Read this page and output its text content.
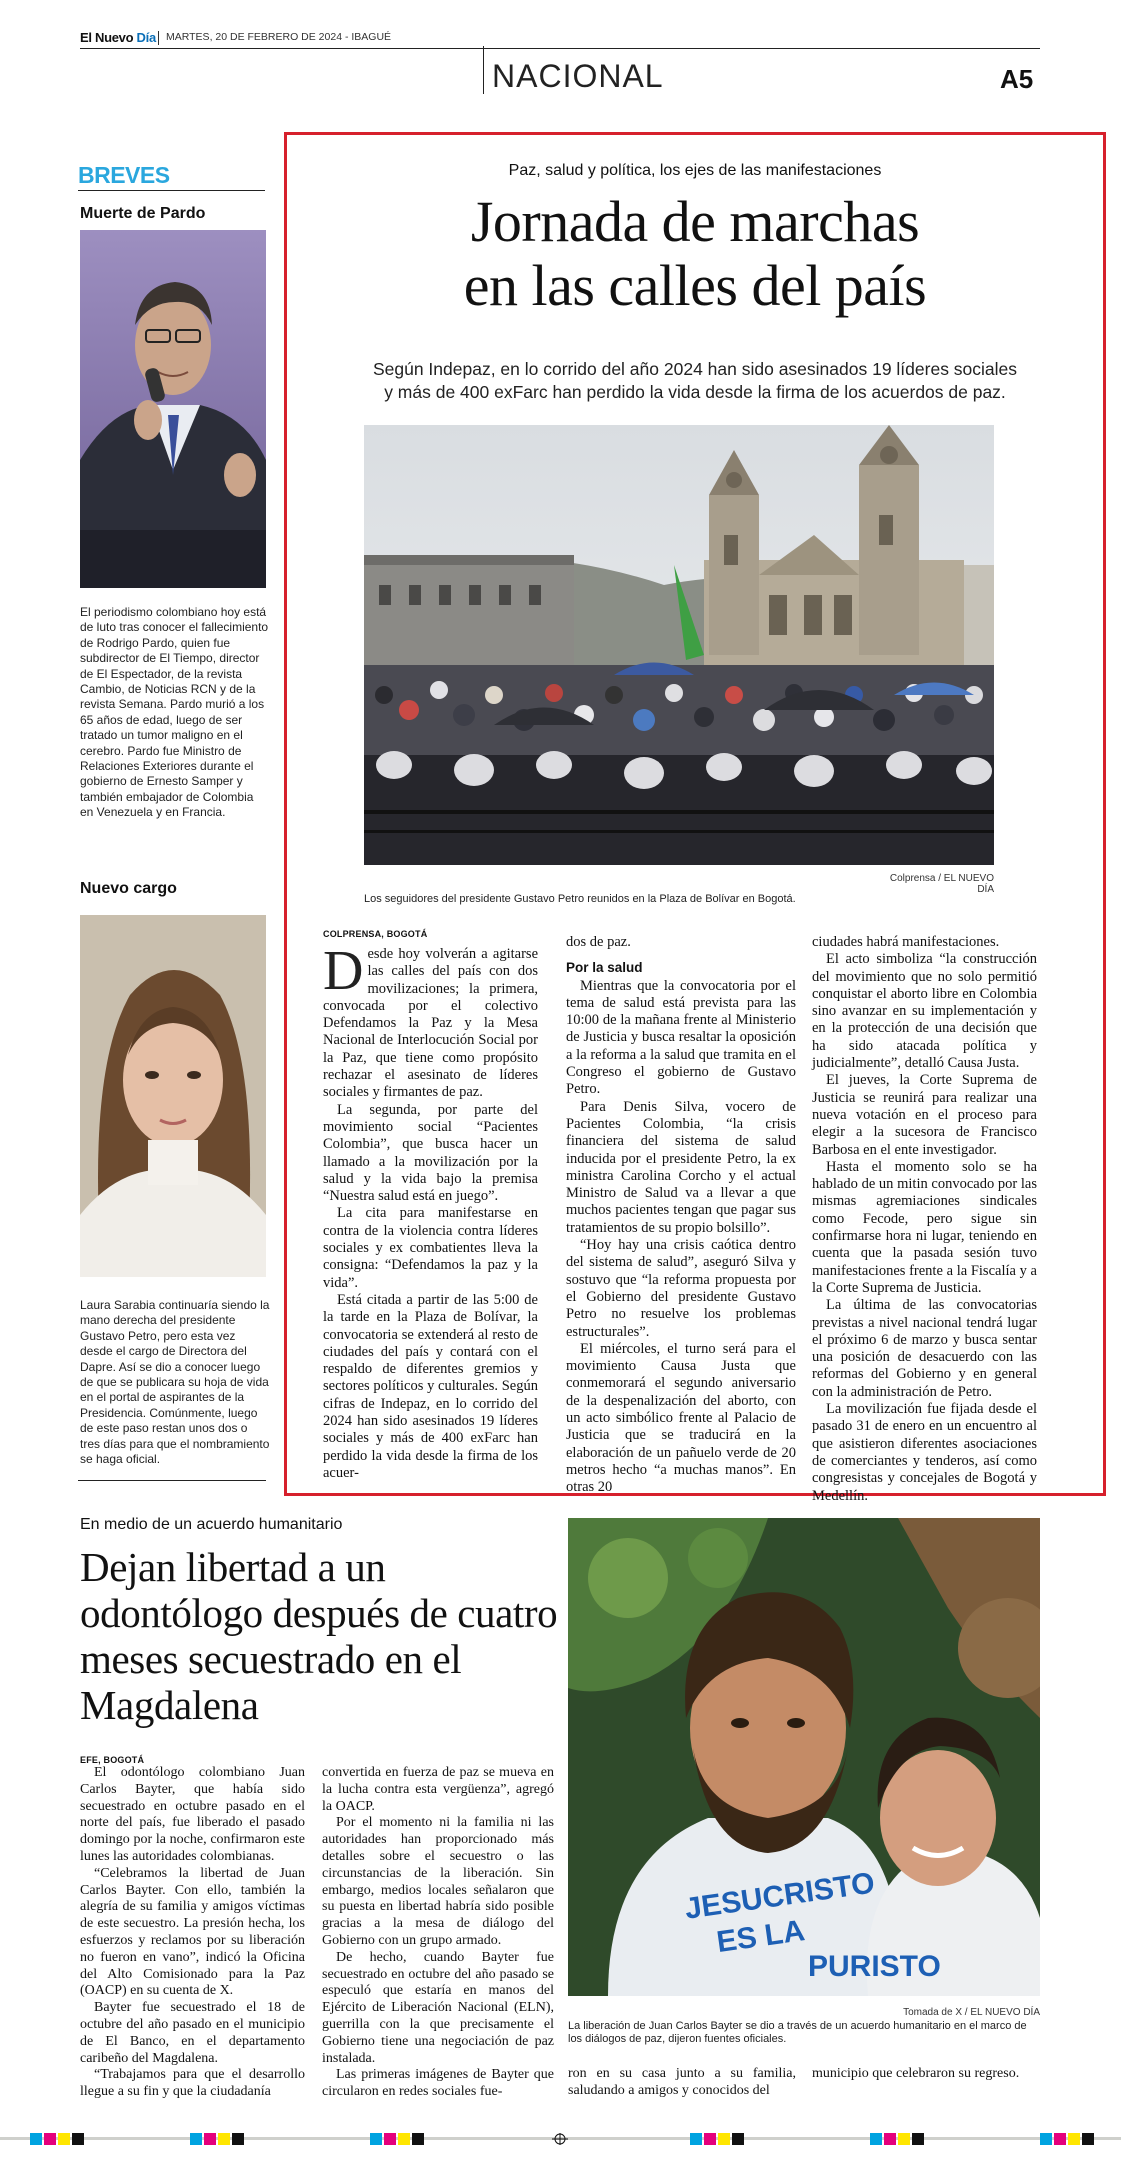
El Nuevo Día MARTES, 20 DE FEBRERO DE 2024 - IBAGUÉ
NACIONAL	A5
BREVES
Muerte de Pardo
El periodismo colombiano hoy está de luto tras conocer el fallecimiento de Rodrigo Pardo, quien fue subdirector de El Tiempo, director de El Espectador, de la revista Cambio, de Noticias RCN y de la revista Semana. Pardo murió a los 65 años de edad, luego de ser tratado un tumor maligno en el cerebro. Pardo fue Ministro de Relaciones Exteriores durante el gobierno de Ernesto Samper y también embajador de Colombia en Venezuela y en Francia.
Nuevo cargo
Laura Sarabia continuaría siendo la mano derecha del presidente Gustavo Petro, pero esta vez desde el cargo de Directora del Dapre. Así se dio a conocer luego de que se publicara su hoja de vida en el portal de aspirantes de la Presidencia. Comúnmente, luego de este paso restan unos dos o tres días para que el nombramiento se haga oficial.
Paz, salud y política, los ejes de las manifestaciones
Jornada de marchas
en las calles del país
Según Indepaz, en lo corrido del año 2024 han sido asesinados 19 líderes sociales
y más de 400 exFarc han perdido la vida desde la firma de los acuerdos de paz.
Colprensa / EL NUEVO DÍA
Los seguidores del presidente Gustavo Petro reunidos en la Plaza de Bolívar en Bogotá.
COLPRENSA, BOGOTÁ

Desde hoy volverán a agitarse las calles del país con dos movilizaciones; la primera, convocada por el colectivo Defendamos la Paz y la Mesa Nacional de Interlocución Social por la Paz, que tiene como propósito rechazar el asesinato de líderes sociales y firmantes de paz.

La segunda, por parte del movimiento social “Pacientes Colombia”, que busca hacer un llamado a la movilización por la salud y la vida bajo la premisa “Nuestra salud está en juego”.

La cita para manifestarse en contra de la violencia contra líderes sociales y ex combatientes lleva la consigna: “Defendamos la paz y la vida”.

Está citada a partir de las 5:00 de la tarde en la Plaza de Bolívar, la convocatoria se extenderá al resto de ciudades del país y contará con el respaldo de diferentes gremios y sectores políticos y culturales. Según cifras de Indepaz, en lo corrido del 2024 han sido asesinados 19 líderes sociales y más de 400 exFarc han perdido la vida desde la firma de los acuer-

dos de paz.

Por la salud

Mientras que la convocatoria por el tema de salud está prevista para las 10:00 de la mañana frente al Ministerio de Justicia y busca resaltar la oposición a la reforma a la salud que tramita en el Congreso el gobierno de Gustavo Petro.

Para Denis Silva, vocero de Pacientes Colombia, “la crisis financiera del sistema de salud inducida por el presidente Petro, la ex ministra Carolina Corcho y el actual Ministro de Salud va a llevar a que muchos pacientes tengan que pagar sus tratamientos de su propio bolsillo”.

“Hoy hay una crisis caótica dentro del sistema de salud”, aseguró Silva y sostuvo que “la reforma propuesta por el Gobierno del presidente Gustavo Petro no resuelve los problemas estructurales”.

El miércoles, el turno será para el movimiento Causa Justa que conmemorará el segundo aniversario de la despenalización del aborto, con un acto simbólico frente al Palacio de Justicia que se traducirá en la elaboración de un pañuelo verde de 20 metros hecho “a muchas manos”. En otras 20

ciudades habrá manifestaciones.

El acto simboliza “la construcción del movimiento que no solo permitió conquistar el aborto libre en Colombia sino avanzar en su implementación y en la protección de una decisión que ha sido atacada política y judicialmente”, detalló Causa Justa.

El jueves, la Corte Suprema de Justicia se reunirá para realizar una nueva votación en el proceso para elegir a la sucesora de Francisco Barbosa en el ente investigador.

Hasta el momento solo se ha hablado de un mitin convocado por las mismas agremiaciones sindicales como Fecode, pero sigue sin confirmarse hora ni lugar, teniendo en cuenta que la pasada sesión tuvo manifestaciones frente a la Fiscalía y a la Corte Suprema de Justicia.

La última de las convocatorias previstas a nivel nacional tendrá lugar el próximo 6 de marzo y busca sentar una posición de desacuerdo con las reformas del Gobierno y en general con la administración de Petro.

La movilización fue fijada desde el pasado 31 de enero en un encuentro al que asistieron diferentes asociaciones de comerciantes y tenderos, así como congresistas y concejales de Bogotá y Medellín.

En medio de un acuerdo humanitario
Dejan libertad a un odontólogo después de cuatro meses secuestrado en el Magdalena
EFE, BOGOTÁ

El odontólogo colombiano Juan Carlos Bayter, que había sido secuestrado en octubre pasado en el norte del país, fue liberado el pasado domingo por la noche, confirmaron este lunes las autoridades colombianas.

“Celebramos la libertad de Juan Carlos Bayter. Con ello, también la alegría de su familia y amigos víctimas de este secuestro. La presión hecha, los esfuerzos y reclamos por su liberación no fueron en vano”, indicó la Oficina del Alto Comisionado para la Paz (OACP) en su cuenta de X.

Bayter fue secuestrado el 18 de octubre del año pasado en el municipio de El Banco, en el departamento caribeño del Magdalena.

“Trabajamos para que el desarrollo llegue a su fin y que la ciudadanía

convertida en fuerza de paz se mueva en la lucha contra esta vergüenza”, agregó la OACP.

Por el momento ni la familia ni las autoridades han proporcionado más detalles sobre el secuestro o las circunstancias de la liberación. Sin embargo, medios locales señalaron que su puesta en libertad habría sido posible gracias a la mesa de diálogo del Gobierno con un grupo armado.

De hecho, cuando Bayter fue secuestrado en octubre del año pasado se especuló que estaría en manos del Ejército de Liberación Nacional (ELN), guerrilla con la que precisamente el Gobierno tiene una negociación de paz instalada.

Las primeras imágenes de Bayter que circularon en redes sociales fue-

JESUCRISTO
ES LA
PURISTO
Tomada de X / EL NUEVO DÍA
La liberación de Juan Carlos Bayter se dio a través de un acuerdo humanitario en el marco de los diálogos de paz, dijeron fuentes oficiales.

ron en su casa junto a su familia, saludando a amigos y conocidos del

municipio que celebraron su regreso.
